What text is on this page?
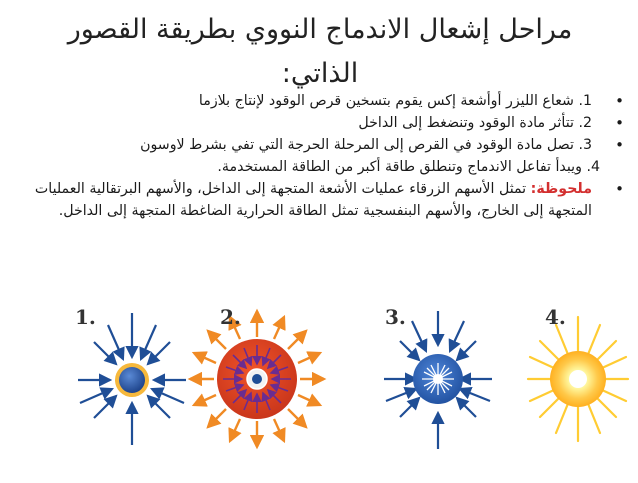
مراحل إشعال الاندماج النووي بطريقة القصور
الذاتي:
•
1. شعاع الليزر أوأشعة إكس يقوم بتسخين قرص الوقود لإنتاج بلازما
•
2. تتأثر مادة الوقود وتنضغط إلى الداخل
•
3. تصل مادة الوقود في القرص إلى المرحلة الحرجة التي تفي بشرط لاوسون
4. ويبدأ تفاعل الاندماج وتنطلق طاقة أكبر من الطاقة المستخدمة.
•
ملحوظة: تمثل الأسهم الزرقاء عمليات الأشعة المتجهة إلى الداخل، والأسهم البرتقالية العمليات المتجهة إلى الخارج، والأسهم البنفسجية تمثل الطاقة الحرارية الضاغطة المتجهة إلى الداخل.
1.	2.	3.	4.
